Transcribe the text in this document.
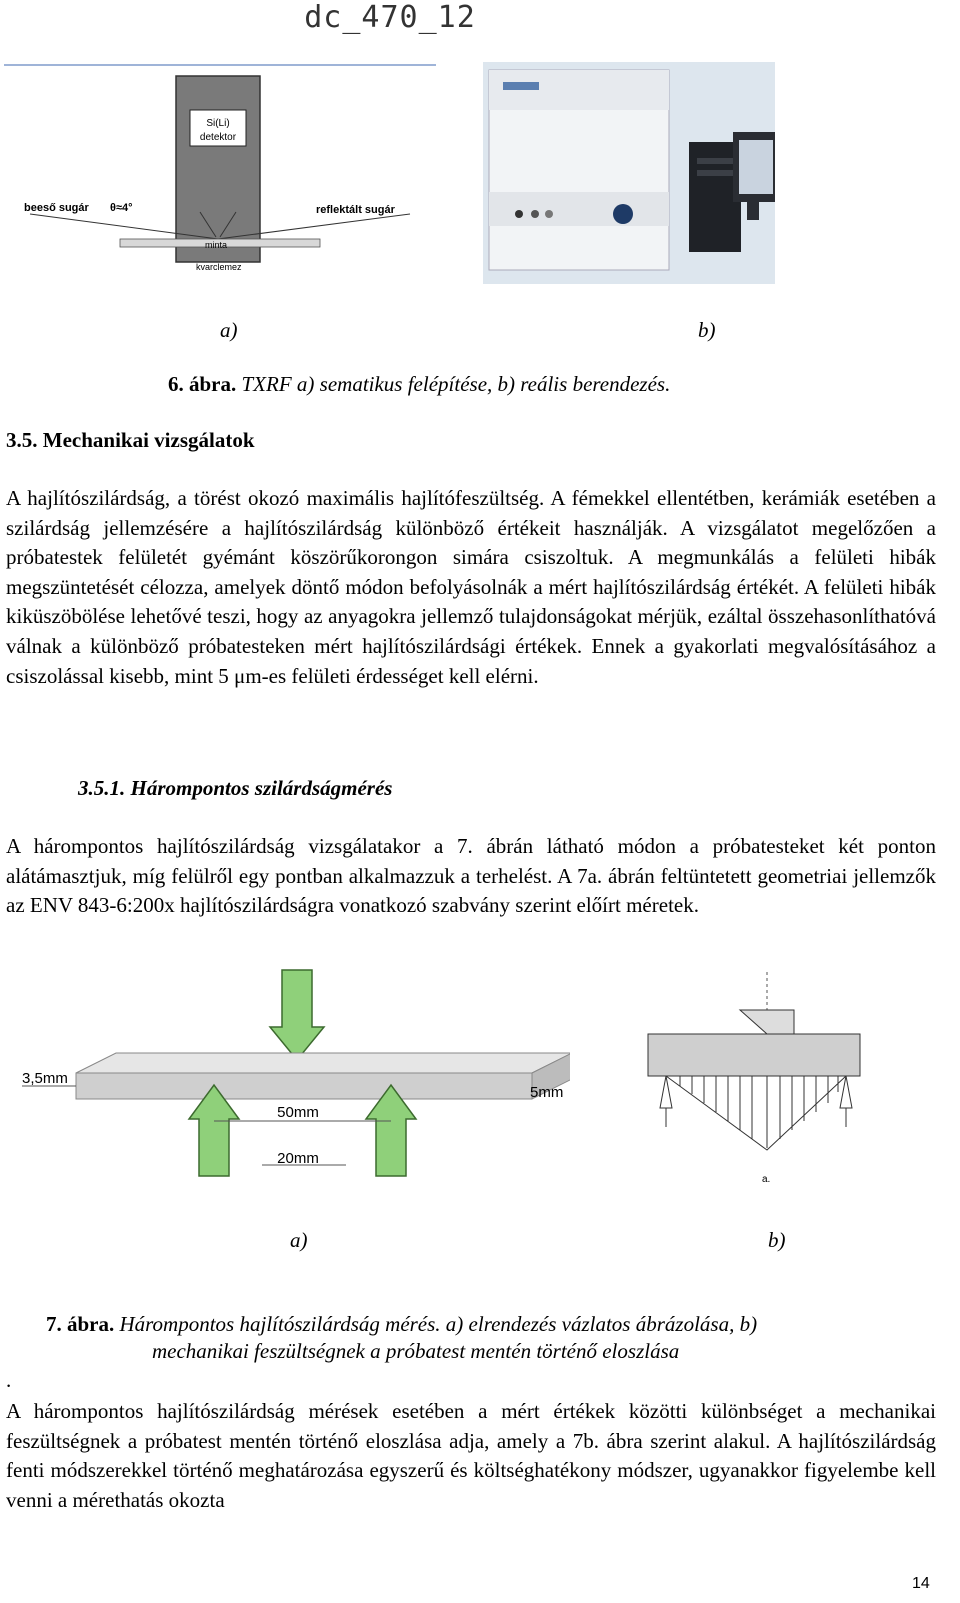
dc_470_12
Si(Li)
detektor
beeső sugár θ≈4°	reflektált sugár
minta
kvarclemez
a)	b)
6. ábra. TXRF a) sematikus felépítése, b) reális berendezés.
3.5. Mechanikai vizsgálatok

A hajlítószilárdság, a törést okozó maximális hajlítófeszültség. A fémekkel ellentétben, kerámiák esetében a szilárdság jellemzésére a hajlítószilárdság különböző értékeit használják. A vizsgálatot megelőzően a próbatestek felületét gyémánt köszörűkorongon simára csiszoltuk. A megmunkálás a felületi hibák megszüntetését célozza, amelyek döntő módon befolyásolnák a mért hajlítószilárdság értékét. A felületi hibák kiküszöbölése lehetővé teszi, hogy az anyagokra jellemző tulajdonságokat mérjük, ezáltal összehasonlíthatóvá válnak a különböző próbatesteken mért hajlítószilárdsági értékek. Ennek a gyakorlati megvalósításához a csiszolással kisebb, mint 5 μm-es felületi érdességet kell elérni.

3.5.1. Hárompontos szilárdságmérés

A hárompontos hajlítószilárdság vizsgálatakor a 7. ábrán látható módon a próbatesteket két ponton alátámasztjuk, míg felülről egy pontban alkalmazzuk a terhelést. A 7a. ábrán feltüntetett geometriai jellemzők az ENV 843-6:200x hajlítószilárdságra vonatkozó szabvány szerint előírt méretek.

3,5mm
50mm
20mm
5mm
a.
a)	b)
7. ábra. Hárompontos hajlítószilárdság mérés. a) elrendezés vázlatos ábrázolása, b)
mechanikai feszültségnek a próbatest mentén történő eloszlása
.

A hárompontos hajlítószilárdság mérések esetében a mért értékek közötti különbséget a mechanikai feszültségnek a próbatest mentén történő eloszlása adja, amely a 7b. ábra szerint alakul. A hajlítószilárdság fenti módszerekkel történő meghatározása egyszerű és költséghatékony módszer, ugyanakkor figyelembe kell venni a mérethatás okozta

14
